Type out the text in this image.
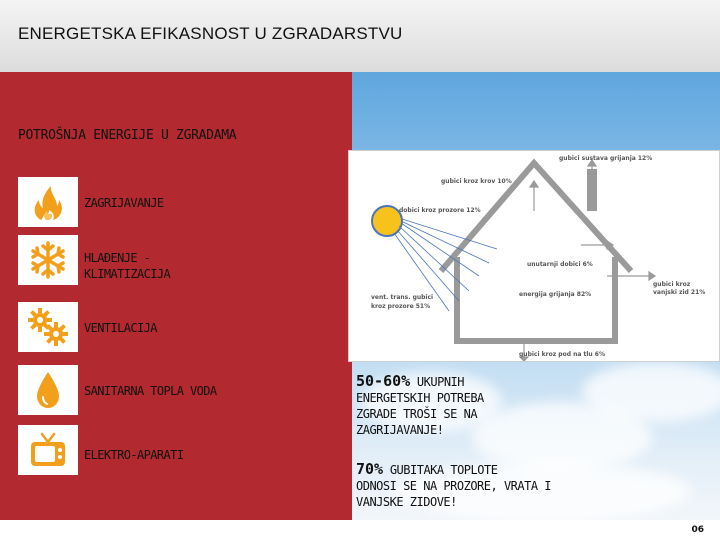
ENERGETSKA EFIKASNOST U ZGRADARSTVU
POTROŠNJA ENERGIJE U ZGRADAMA
ZAGRIJAVANJE
HLAĐENJE -
KLIMATIZACIJA
VENTILACIJA
SANITARNA TOPLA VODA
ELEKTRO-APARATI
gubici sustava grijanja 12%
gubici kroz krov 10%
dobici kroz prozore 12%
unutarnji dobici 6%
energija grijanja 82%
gubici kroz pod na tlu 6%
vent. trans. gubici
kroz prozore 51%
gubici kroz
vanjski zid 21%
50-60% UKUPNIH
ENERGETSKIH POTREBA
ZGRADE TROŠI SE NA
ZAGRIJAVANJE!
70% GUBITAKA TOPLOTE
ODNOSI SE NA PROZORE, VRATA I
VANJSKE ZIDOVE!
06
